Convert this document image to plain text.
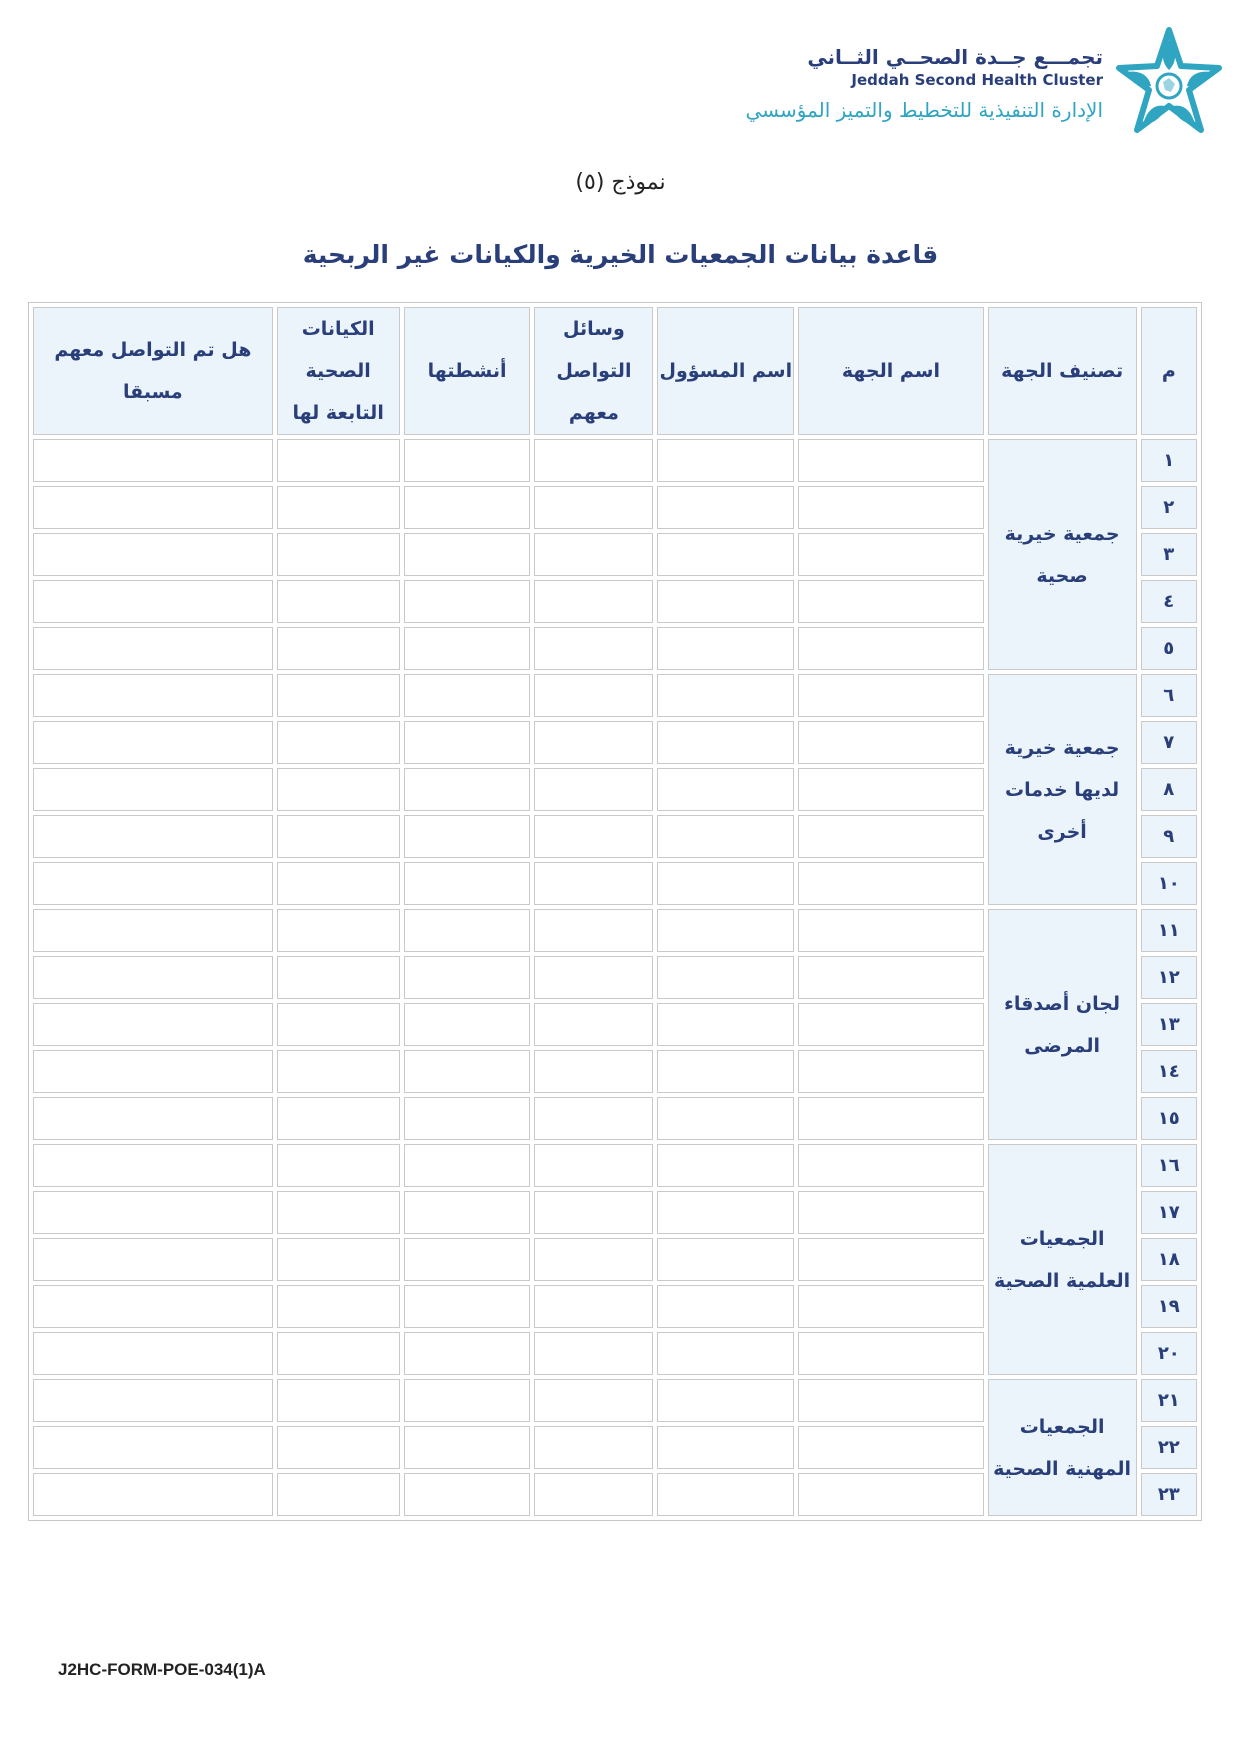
تجمـــع جــدة الصحــي الثــاني
Jeddah Second Health Cluster
الإدارة التنفيذية للتخطيط والتميز المؤسسي
نموذج (٥)
قاعدة بيانات الجمعيات الخيرية والكيانات غير الربحية
م	تصنيف الجهة	اسم الجهة	اسم المسؤول	وسائل التواصل معهم	أنشطتها	الكيانات الصحية التابعة لها	هل تم التواصل معهم مسبقا
١	جمعية خيرية صحية						
٢							
٣							
٤							
٥							
٦	جمعية خيرية لديها خدمات أخرى						
٧							
٨							
٩							
١٠							
١١	لجان أصدقاء المرضى						
١٢							
١٣							
١٤							
١٥							
١٦	الجمعيات العلمية الصحية						
١٧							
١٨							
١٩							
٢٠							
٢١	الجمعيات المهنية الصحية						
٢٢							
٢٣							
J2HC-FORM-POE-034(1)A
